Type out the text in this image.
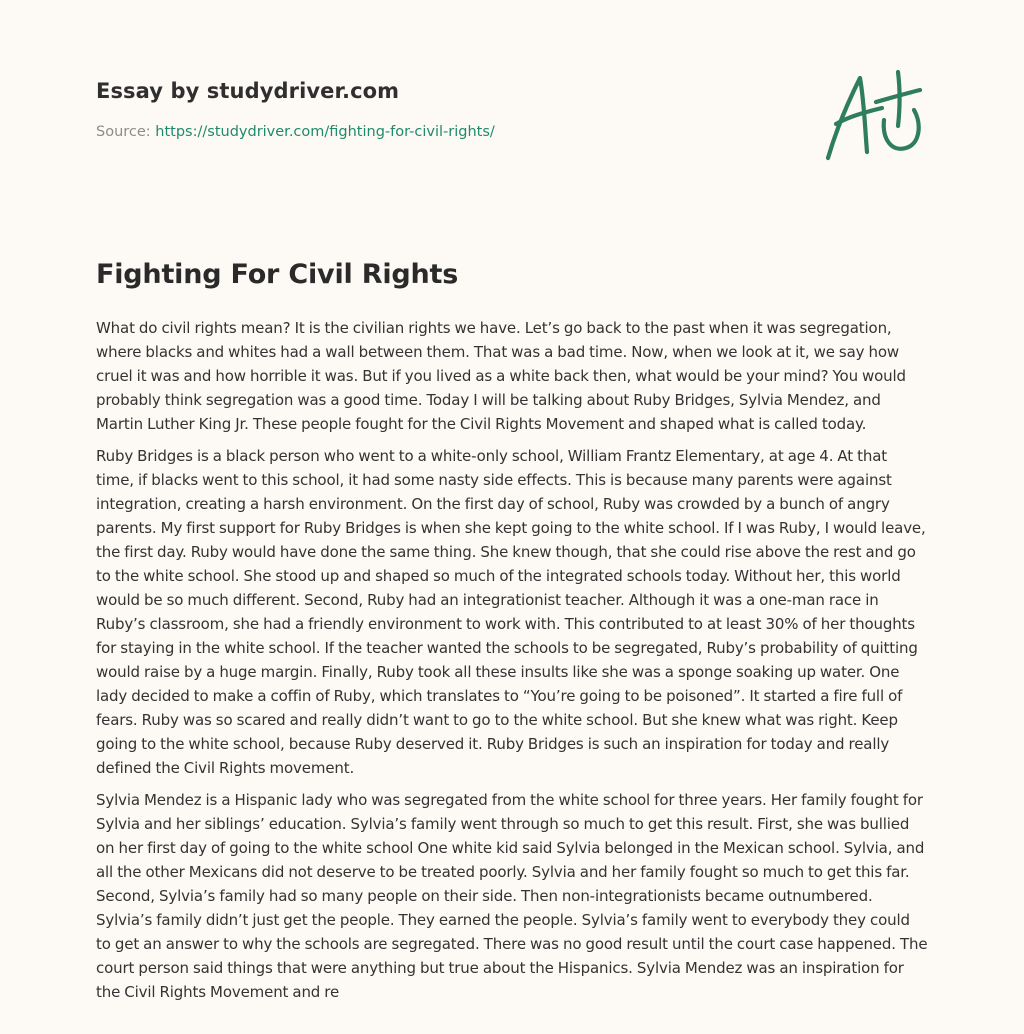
Essay by studydriver.com
Source: https://studydriver.com/fighting-for-civil-rights/
Fighting For Civil Rights

What do civil rights mean? It is the civilian rights we have. Let’s go back to the past when it was segregation, where blacks and whites had a wall between them. That was a bad time. Now, when we look at it, we say how cruel it was and how horrible it was. But if you lived as a white back then, what would be your mind? You would probably think segregation was a good time. Today I will be talking about Ruby Bridges, Sylvia Mendez, and Martin Luther King Jr. These people fought for the Civil Rights Movement and shaped what is called today.

Ruby Bridges is a black person who went to a white-only school, William Frantz Elementary, at age 4. At that time, if blacks went to this school, it had some nasty side effects. This is because many parents were against integration, creating a harsh environment. On the first day of school, Ruby was crowded by a bunch of angry parents. My first support for Ruby Bridges is when she kept going to the white school. If I was Ruby, I would leave, the first day. Ruby would have done the same thing. She knew though, that she could rise above the rest and go to the white school. She stood up and shaped so much of the integrated schools today. Without her, this world would be so much different. Second, Ruby had an integrationist teacher. Although it was a one-man race in Ruby’s classroom, she had a friendly environment to work with. This contributed to at least 30% of her thoughts for staying in the white school. If the teacher wanted the schools to be segregated, Ruby’s probability of quitting would raise by a huge margin. Finally, Ruby took all these insults like she was a sponge soaking up water. One lady decided to make a coffin of Ruby, which translates to “You’re going to be poisoned”. It started a fire full of fears. Ruby was so scared and really didn’t want to go to the white school. But she knew what was right. Keep going to the white school, because Ruby deserved it. Ruby Bridges is such an inspiration for today and really defined the Civil Rights movement.

Sylvia Mendez is a Hispanic lady who was segregated from the white school for three years. Her family fought for Sylvia and her siblings’ education. Sylvia’s family went through so much to get this result. First, she was bullied on her first day of going to the white school One white kid said Sylvia belonged in the Mexican school. Sylvia, and all the other Mexicans did not deserve to be treated poorly. Sylvia and her family fought so much to get this far. Second, Sylvia’s family had so many people on their side. Then non-integrationists became outnumbered. Sylvia’s family didn’t just get the people. They earned the people. Sylvia’s family went to everybody they could to get an answer to why the schools are segregated. There was no good result until the court case happened. The court person said things that were anything but true about the Hispanics. Sylvia Mendez was an inspiration for the Civil Rights Movement and re
